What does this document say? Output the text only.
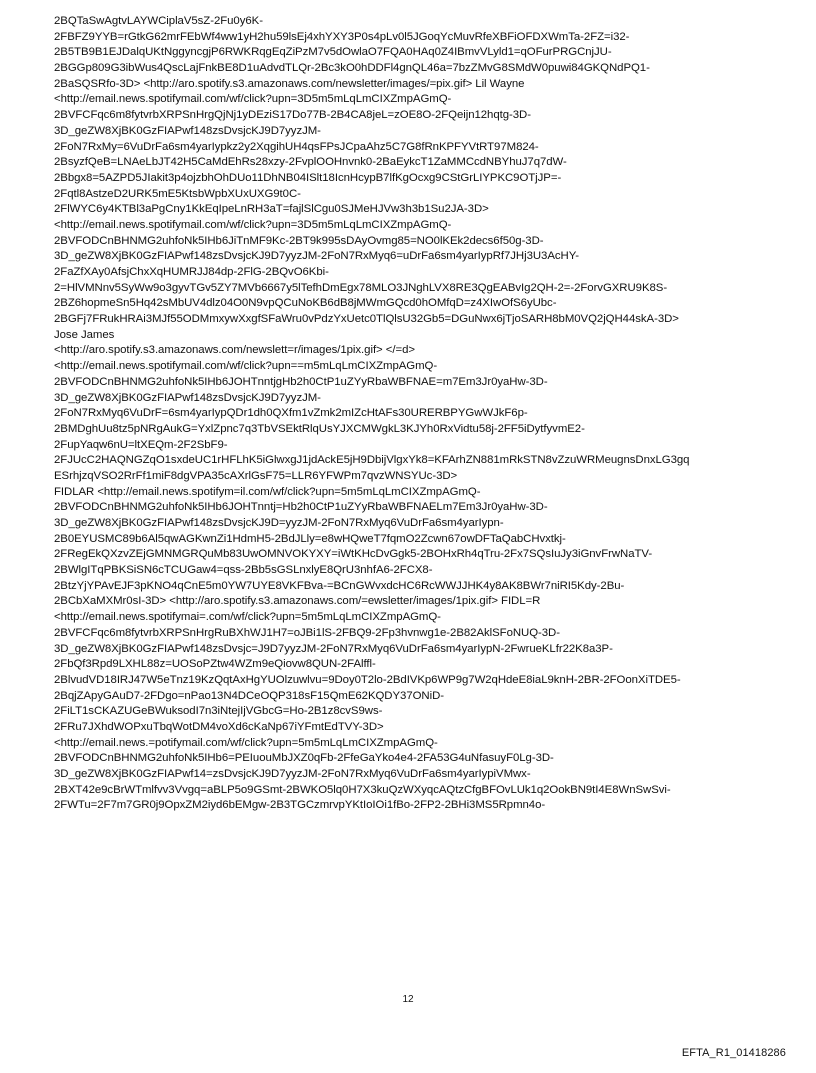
2BQTaSwAgtvLAYWCiplaV5sZ-2Fu0y6K-
2FBFZ9YYB=rGtkG62mrFEbWf4ww1yH2hu59lsEj4xhYXY3P0s4pLv0l5JGoqYcMuvRfeXBFiOFDXWmTa-2FZ=i32-
2B5TB9B1EJDalqUKtNggyncgjP6RWKRqgEqZiPzM7v5dOwlaO7FQA0HAq0Z4IBmvVLyld1=qOFurPRGCnjJU-
2BGGp809G3ibWus4QscLajFnkBE8D1uAdvdTLQr-2Bc3kO0hDDFl4gnQL46a=7bzZMvG8SMdW0puwi84GKQNdPQ1-
2BaSQSRfo-3D> <http://aro.spotify.s3.amazonaws.com/newsletter/images/=pix.gif> Lil Wayne
<http://email.news.spotifymail.com/wf/click?upn=3D5m5mLqLmCIXZmpAGmQ-
2BVFCFqc6m8fytvrbXRPSnHrgQjNj1yDEziS17Do77B-2B4CA8jeL=zOE8O-2FQeijn12hqtg-3D-
3D_geZW8XjBK0GzFIAPwf148zsDvsjcKJ9D7yyzJM-
2FoN7RxMy=6VuDrFa6sm4yarIypkz2y2XqgihUH4qsFPsJCpaAhz5C7G8fRnKPFYVtRT97M824-
2BsyzfQeB=LNAeLbJT42H5CaMdEhRs28xzy-2FvplOOHnvnk0-2BaEykcT1ZaMMCcdNBYhuJ7q7dW-
2Bbgx8=5AZPD5JIakit3p4ojzbhOhDUo11DhNB04ISlt18IcnHcypB7lfKgOcxg9CStGrLIYPKC9OTjJP=-
2Fqtl8AstzeD2URK5mE5KtsbWpbXUxUXG9t0C-
2FlWYC6y4KTBl3aPgCny1KkEqIpeLnRH3aT=fajlSlCgu0SJMeHJVw3h3b1Su2JA-3D>
<http://email.news.spotifymail.com/wf/click?upn=3D5m5mLqLmCIXZmpAGmQ-
2BVFODCnBHNMG2uhfoNk5IHb6JiTnMF9Kc-2BT9k995sDAyOvmg85=NO0lKEk2decs6f50g-3D-
3D_geZW8XjBK0GzFIAPwf148zsDvsjcKJ9D7yyzJM-2FoN7RxMyq6=uDrFa6sm4yarIypRf7JHj3U3AcHY-
2FaZfXAy0AfsjChxXqHUMRJJ84dp-2FlG-2BQvO6Kbi-
2=HlVMNnv5SyWw9o3gyvTGv5ZY7MVb6667y5lTefhDmEgx78MLO3JNghLVX8RE3QgEABvIg2QH-2=-2ForvGXRU9K8S-
2BZ6hopmeSn5Hq42sMbUV4dlz04O0N9vpQCuNoKB6dB8jMWmGQcd0hOMfqD=z4XIwOfS6yUbc-
2BGFj7FRukHRAi3MJf55ODMmxywXxgfSFaWru0vPdzYxUetc0TlQlsU32Gb5=DGuNwx6jTjoSARH8bM0VQ2jQH44skA-3D>
Jose James
<http://aro.spotify.s3.amazonaws.com/newslett=r/images/1pix.gif> </=d>
<http://email.news.spotifymail.com/wf/click?upn==m5mLqLmCIXZmpAGmQ-
2BVFODCnBHNMG2uhfoNk5IHb6JOHTnntjgHb2h0CtP1uZYyRbaWBFNAE=m7Em3Jr0yaHw-3D-
3D_geZW8XjBK0GzFIAPwf148zsDvsjcKJ9D7yyzJM-
2FoN7RxMyq6VuDrF=6sm4yarIypQDr1dh0QXfm1vZmk2mIZcHtAFs30URERBPYGwWJkF6p-
2BMDghUu8tz5pNRgAukG=YxlZpnc7q3TbVSEktRlqUsYJXCMWgkL3KJYh0RxVidtu58j-2FF5iDytfyvmE2-
2FupYaqw6nU=ltXEQm-2F2SbF9-
2FJUcC2HAQNGZqO1sxdeUC1rHFLhK5iGlwxgJ1jdAckE5jH9DbijVlgxYk8=KFArhZN881mRkSTN8vZzuWRMeugnsDnxLG3gq
ESrhjzqVSO2RrFf1miF8dgVPA35cAXrlGsF75=LLR6YFWPm7qvzWNSYUc-3D>
FIDLAR <http://email.news.spotifym=il.com/wf/click?upn=5m5mLqLmCIXZmpAGmQ-
2BVFODCnBHNMG2uhfoNk5IHb6JOHTnntj=Hb2h0CtP1uZYyRbaWBFNAELm7Em3Jr0yaHw-3D-
3D_geZW8XjBK0GzFIAPwf148zsDvsjcKJ9D=yyzJM-2FoN7RxMyq6VuDrFa6sm4yarIypn-
2B0EYUSMC89b6Al5qwAGKwnZi1HdmH5-2BdJLly=e8wHQweT7fqmO2Zcwn67owDFTaQabCHvxtkj-
2FRegEkQXzvZEjGMNMGRQuMb83UwOMNVOKYXY=iWtKHcDvGgk5-2BOHxRh4qTru-2Fx7SQsIuJy3iGnvFrwNaTV-
2BWlgITqPBKSiSN6cTCUGaw4=qss-2Bb5sGSLnxlyE8QrU3nhfA6-2FCX8-
2BtzYjYPAvEJF3pKNO4qCnE5m0YW7UYE8VKFBva-=BCnGWvxdcHC6RcWWJJHK4y8AK8BWr7niRI5Kdy-2Bu-
2BCbXaMXMr0sI-3D> <http://aro.spotify.s3.amazonaws.com/=ewsletter/images/1pix.gif> FIDL=R
<http://email.news.spotifymai=.com/wf/click?upn=5m5mLqLmCIXZmpAGmQ-
2BVFCFqc6m8fytvrbXRPSnHrgRuBXhWJ1H7=oJBi1lS-2FBQ9-2Fp3hvnwg1e-2B82AklSFoNUQ-3D-
3D_geZW8XjBK0GzFIAPwf148zsDvsjc=J9D7yyzJM-2FoN7RxMyq6VuDrFa6sm4yarIypN-2FwrueKLfr22K8a3P-
2FbQf3Rpd9LXHL88z=UOSoPZtw4WZm9eQiovw8QUN-2FAlffl-
2BlvudVD18IRJ47W5eTnz19KzQqtAxHgYUOlzuwlvu=9Doy0T2lo-2BdIVKp6WP9g7W2qHdeE8iaL9knH-2BR-2FOonXiTDE5-
2BqjZApyGAuD7-2FDgo=nPao13N4DCeOQP318sF15QmE62KQDY37ONiD-
2FiLT1sCKAZUGeBWuksodI7n3iNtejIjVGbcG=Ho-2B1z8cvS9ws-
2FRu7JXhdWOPxuTbqWotDM4voXd6cKaNp67iYFmtEdTVY-3D>
<http://email.news.=potifymail.com/wf/click?upn=5m5mLqLmCIXZmpAGmQ-
2BVFODCnBHNMG2uhfoNk5IHb6=PEIuouMbJXZ0qFb-2FfeGaYko4e4-2FA53G4uNfasuyF0Lg-3D-
3D_geZW8XjBK0GzFIAPwf14=zsDvsjcKJ9D7yyzJM-2FoN7RxMyq6VuDrFa6sm4yarIypiVMwx-
2BXT42e9cBrWTmlfvv3Vvgq=aBLP5o9GSmt-2BWKO5lq0H7X3kuQzWXyqcAQtzCfgBFOvLUk1q2OokBN9tI4E8WnSwSvi-
2FWTu=2F7m7GR0j9OpxZM2iyd6bEMgw-2B3TGCzmrvpYKtIoIOi1fBo-2FP2-2BHi3MS5Rpmn4o-
12
EFTA_R1_01418286
